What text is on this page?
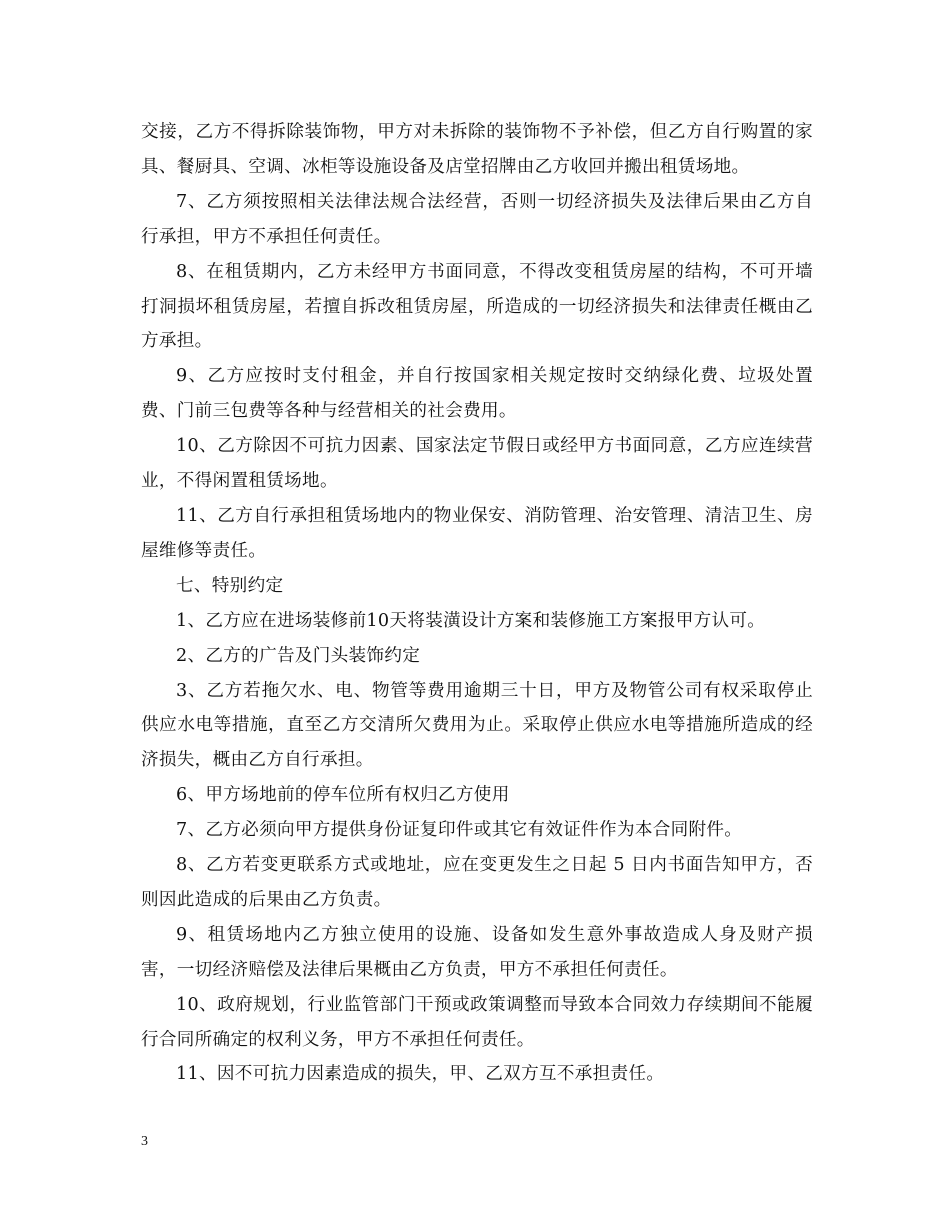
交接，乙方不得拆除装饰物，甲方对未拆除的装饰物不予补偿，但乙方自行购置的家具、餐厨具、空调、冰柜等设施设备及店堂招牌由乙方收回并搬出租赁场地。

7、乙方须按照相关法律法规合法经营，否则一切经济损失及法律后果由乙方自行承担，甲方不承担任何责任。

8、在租赁期内，乙方未经甲方书面同意，不得改变租赁房屋的结构，不可开墙打洞损坏租赁房屋，若擅自拆改租赁房屋，所造成的一切经济损失和法律责任概由乙方承担。

9、乙方应按时支付租金，并自行按国家相关规定按时交纳绿化费、垃圾处置费、门前三包费等各种与经营相关的社会费用。

10、乙方除因不可抗力因素、国家法定节假日或经甲方书面同意，乙方应连续营业，不得闲置租赁场地。

11、乙方自行承担租赁场地内的物业保安、消防管理、治安管理、清洁卫生、房屋维修等责任。

七、特别约定

1、乙方应在进场装修前10天将装潢设计方案和装修施工方案报甲方认可。

2、乙方的广告及门头装饰约定

3、乙方若拖欠水、电、物管等费用逾期三十日，甲方及物管公司有权采取停止供应水电等措施，直至乙方交清所欠费用为止。采取停止供应水电等措施所造成的经济损失，概由乙方自行承担。

6、甲方场地前的停车位所有权归乙方使用

7、乙方必须向甲方提供身份证复印件或其它有效证件作为本合同附件。

8、乙方若变更联系方式或地址，应在变更发生之日起 5 日内书面告知甲方，否则因此造成的后果由乙方负责。

9、租赁场地内乙方独立使用的设施、设备如发生意外事故造成人身及财产损害，一切经济赔偿及法律后果概由乙方负责，甲方不承担任何责任。

10、政府规划，行业监管部门干预或政策调整而导致本合同效力存续期间不能履行合同所确定的权利义务，甲方不承担任何责任。

11、因不可抗力因素造成的损失，甲、乙双方互不承担责任。

3
